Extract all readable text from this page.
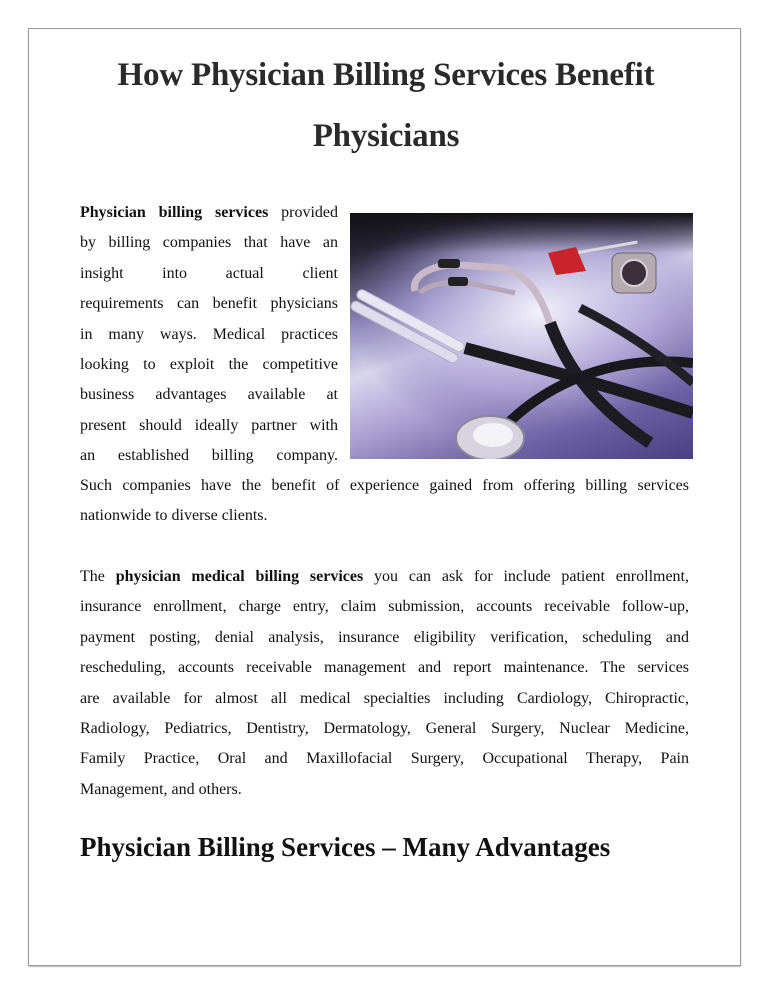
How Physician Billing Services Benefit
Physicians
Physician billing services provided
by billing companies that have an
insight into actual client
requirements can benefit physicians
in many ways. Medical practices
looking to exploit the competitive
business advantages available at
present should ideally partner with
an established billing company.
Such companies have the benefit of experience gained from offering billing services
nationwide to diverse clients.
The physician medical billing services you can ask for include patient enrollment,
insurance enrollment, charge entry, claim submission, accounts receivable follow-up,
payment posting, denial analysis, insurance eligibility verification, scheduling and
rescheduling, accounts receivable management and report maintenance. The services
are available for almost all medical specialties including Cardiology, Chiropractic,
Radiology, Pediatrics, Dentistry, Dermatology, General Surgery, Nuclear Medicine,
Family Practice, Oral and Maxillofacial Surgery, Occupational Therapy, Pain
Management, and others.
Physician Billing Services – Many Advantages
